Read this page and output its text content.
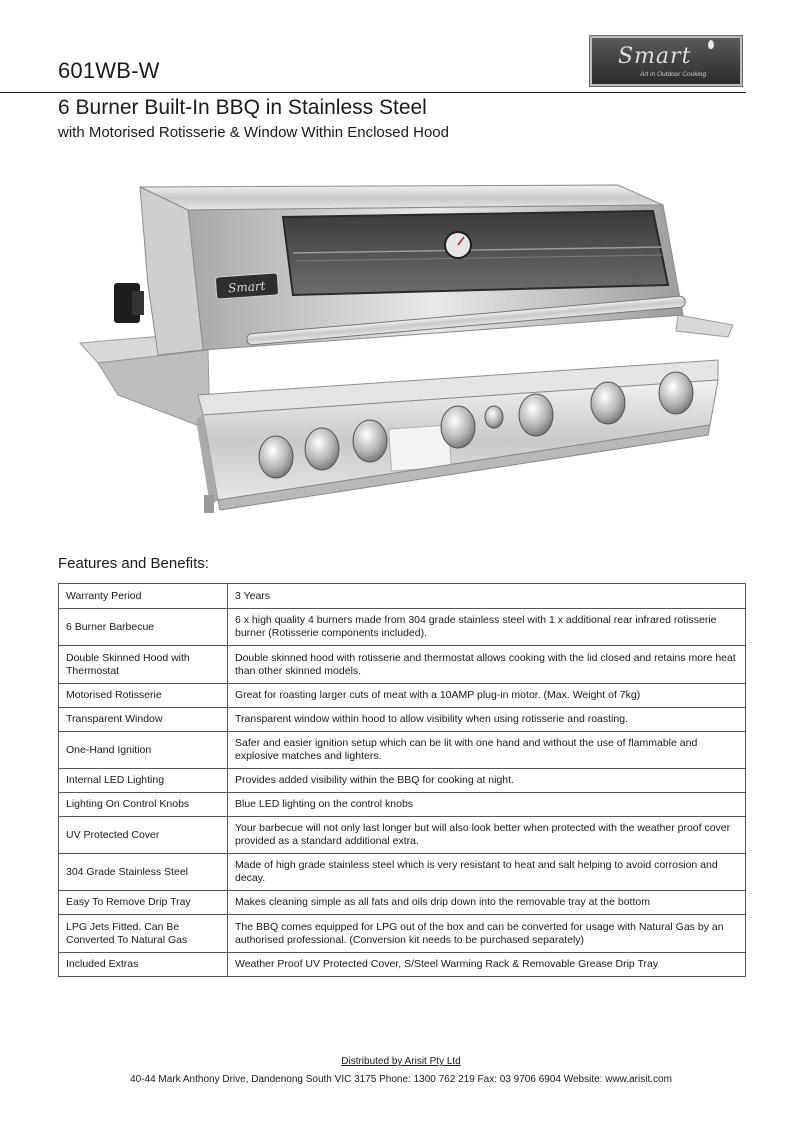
601WB-W
Smart
Art in Outdoor Cooking
6 Burner Built-In BBQ in Stainless Steel
with Motorised Rotisserie & Window Within Enclosed Hood
Smart
Features and Benefits:
Warranty Period	3 Years
6 Burner Barbecue	6 x high quality 4 burners made from 304 grade stainless steel with 1 x additional rear infrared rotisserie burner (Rotisserie components included).
Double Skinned Hood with Thermostat	Double skinned hood with rotisserie and thermostat allows cooking with the lid closed and retains more heat than other skinned models.
Motorised Rotisserie	Great for roasting larger cuts of meat with a 10AMP plug-in motor. (Max. Weight of 7kg)
Transparent Window	Transparent window within hood to allow visibility when using rotisserie and roasting.
One-Hand Ignition	Safer and easier ignition setup which can be lit with one hand and without the use of flammable and explosive matches and lighters.
Internal LED Lighting	Provides added visibility within the BBQ for cooking at night.
Lighting On Control Knobs	Blue LED lighting on the control knobs
UV Protected Cover	Your barbecue will not only last longer but will also look better when protected with the weather proof cover provided as a standard additional extra.
304 Grade Stainless Steel	Made of high grade stainless steel which is very resistant to heat and salt helping to avoid corrosion and decay.
Easy To Remove Drip Tray	Makes cleaning simple as all fats and oils drip down into the removable tray at the bottom
LPG Jets Fitted. Can Be Converted To Natural Gas	The BBQ comes equipped for LPG out of the box and can be converted for usage with Natural Gas by an authorised professional. (Conversion kit needs to be purchased separately)
Included Extras	Weather Proof UV Protected Cover, S/Steel Warming Rack & Removable Grease Drip Tray
Distributed by Arisit Pty Ltd
40-44 Mark Anthony Drive, Dandenong South VIC 3175 Phone: 1300 762 219 Fax: 03 9706 6904 Website: www.arisit.com
